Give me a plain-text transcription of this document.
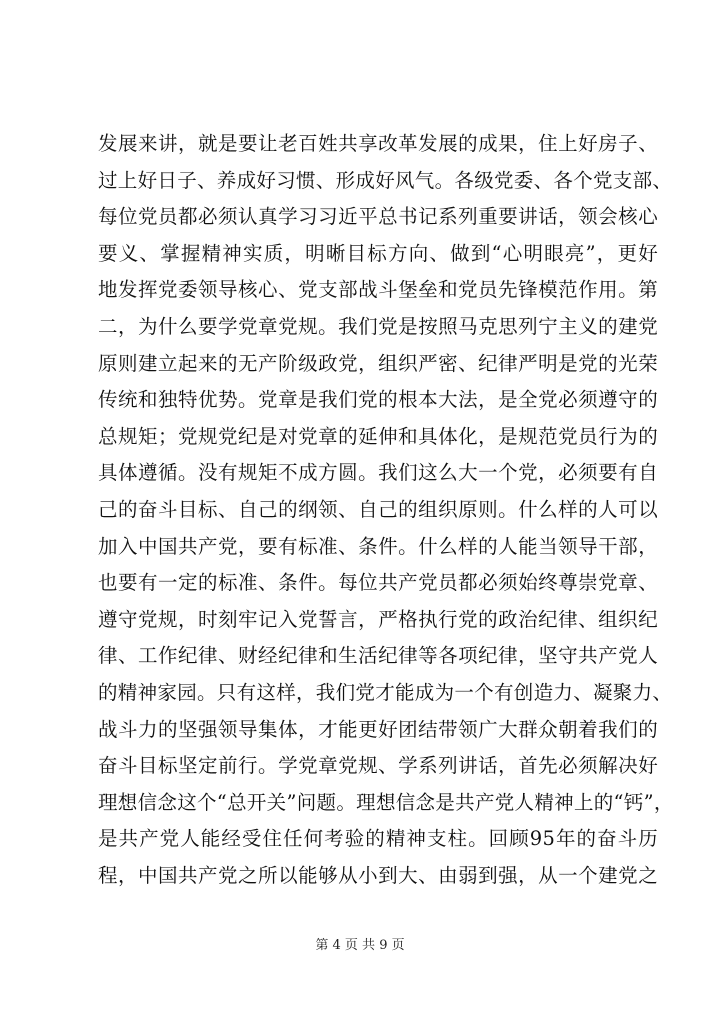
发展来讲，就是要让老百姓共享改革发展的成果，住上好房子、
过上好日子、养成好习惯、形成好风气。各级党委、各个党支部、
每位党员都必须认真学习习近平总书记系列重要讲话，领会核心
要义、掌握精神实质，明晰目标方向、做到“心明眼亮”，更好
地发挥党委领导核心、党支部战斗堡垒和党员先锋模范作用。第
二，为什么要学党章党规。我们党是按照马克思列宁主义的建党
原则建立起来的无产阶级政党，组织严密、纪律严明是党的光荣
传统和独特优势。党章是我们党的根本大法，是全党必须遵守的
总规矩；党规党纪是对党章的延伸和具体化，是规范党员行为的
具体遵循。没有规矩不成方圆。我们这么大一个党，必须要有自
己的奋斗目标、自己的纲领、自己的组织原则。什么样的人可以
加入中国共产党，要有标准、条件。什么样的人能当领导干部，
也要有一定的标准、条件。每位共产党员都必须始终尊崇党章、
遵守党规，时刻牢记入党誓言，严格执行党的政治纪律、组织纪
律、工作纪律、财经纪律和生活纪律等各项纪律，坚守共产党人
的精神家园。只有这样，我们党才能成为一个有创造力、凝聚力、
战斗力的坚强领导集体，才能更好团结带领广大群众朝着我们的
奋斗目标坚定前行。学党章党规、学系列讲话，首先必须解决好
理想信念这个“总开关”问题。理想信念是共产党人精神上的“钙”，
是共产党人能经受住任何考验的精神支柱。回顾95年的奋斗历
程，中国共产党之所以能够从小到大、由弱到强，从一个建党之
第 4 页 共 9 页
